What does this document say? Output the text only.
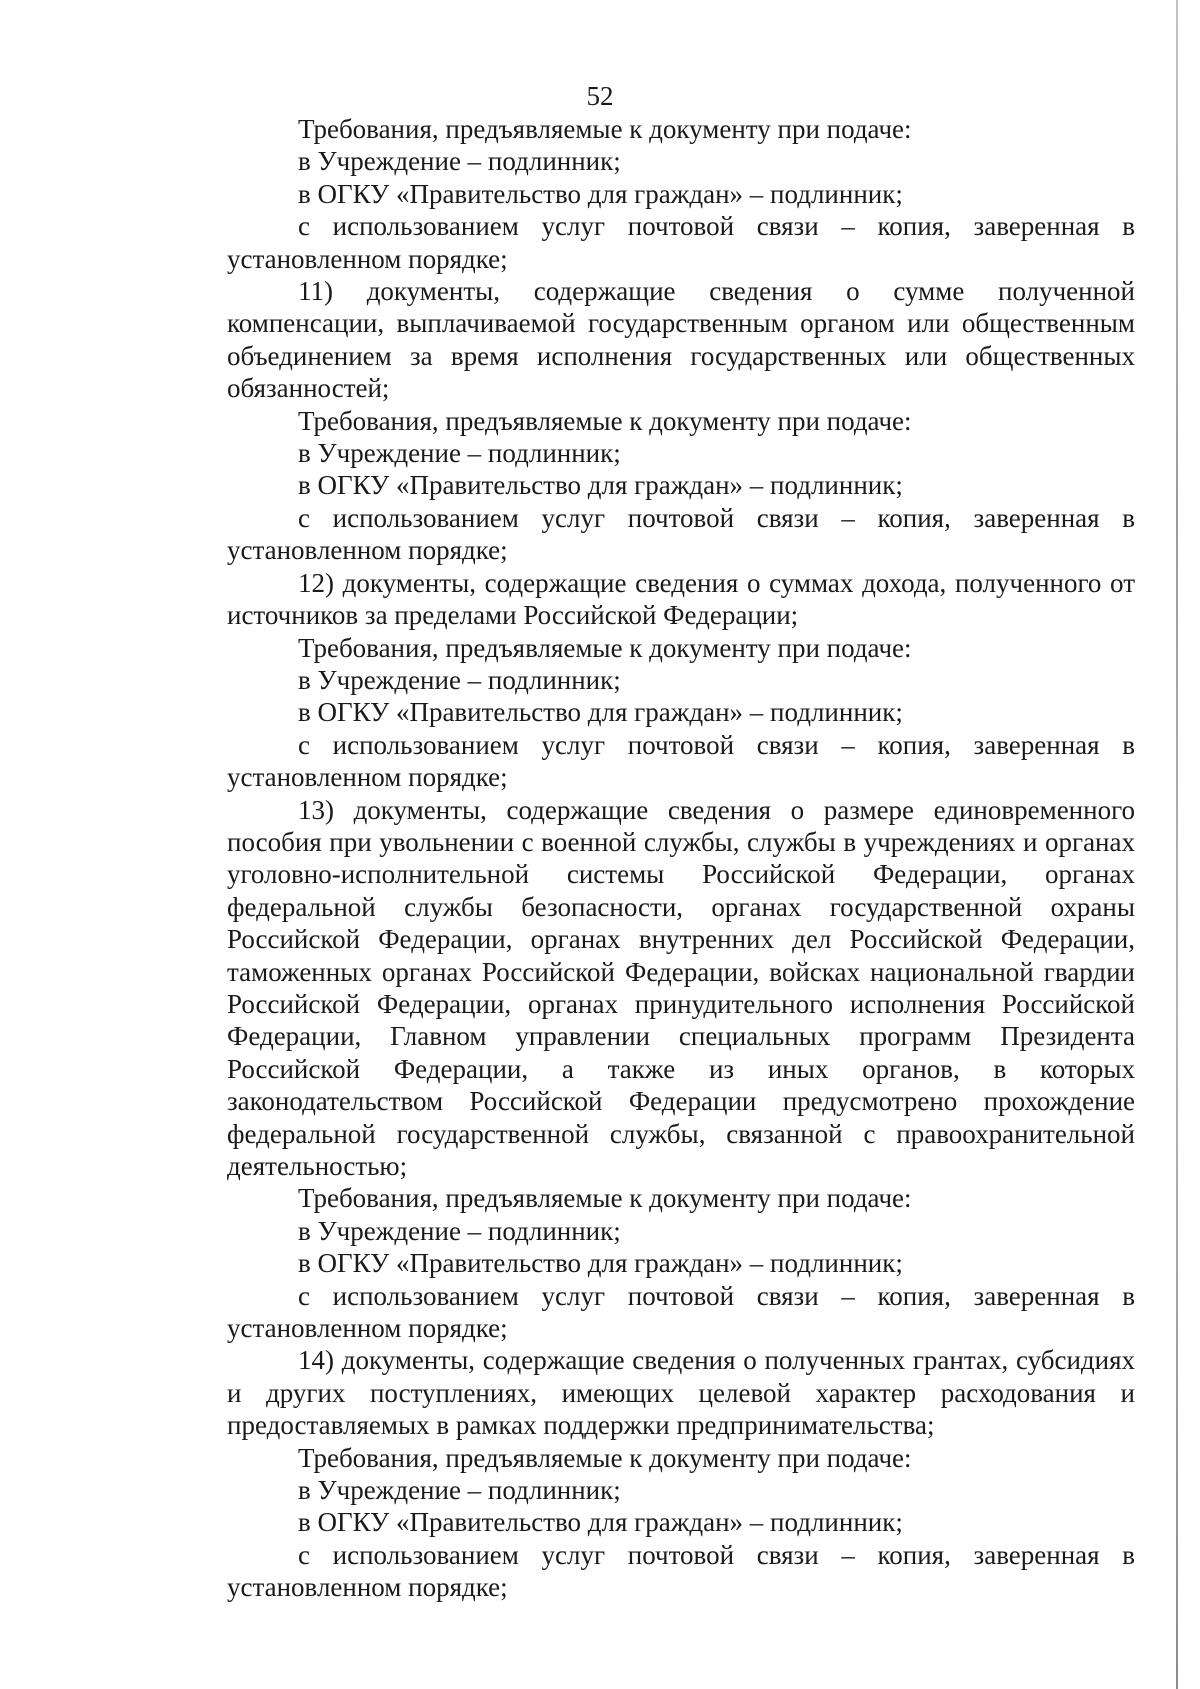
52

Требования, предъявляемые к документу при подаче:

в Учреждение – подлинник;

в ОГКУ «Правительство для граждан» – подлинник;

с использованием услуг почтовой связи – копия, заверенная в установленном порядке;

11) документы, содержащие сведения о сумме полученной компенсации, выплачиваемой государственным органом или общественным объединением за время исполнения государственных или общественных обязанностей;

Требования, предъявляемые к документу при подаче:

в Учреждение – подлинник;

в ОГКУ «Правительство для граждан» – подлинник;

с использованием услуг почтовой связи – копия, заверенная в установленном порядке;

12) документы, содержащие сведения о суммах дохода, полученного от источников за пределами Российской Федерации;

Требования, предъявляемые к документу при подаче:

в Учреждение – подлинник;

в ОГКУ «Правительство для граждан» – подлинник;

с использованием услуг почтовой связи – копия, заверенная в установленном порядке;

13) документы, содержащие сведения о размере единовременного пособия при увольнении с военной службы, службы в учреждениях и органах уголовно-исполнительной системы Российской Федерации, органах федеральной службы безопасности, органах государственной охраны Российской Федерации, органах внутренних дел Российской Федерации, таможенных органах Российской Федерации, войсках национальной гвардии Российской Федерации, органах принудительного исполнения Российской Федерации, Главном управлении специальных программ Президента Российской Федерации, а также из иных органов, в которых законодательством Российской Федерации предусмотрено прохождение федеральной государственной службы, связанной с правоохранительной деятельностью;

Требования, предъявляемые к документу при подаче:

в Учреждение – подлинник;

в ОГКУ «Правительство для граждан» – подлинник;

с использованием услуг почтовой связи – копия, заверенная в установленном порядке;

14) документы, содержащие сведения о полученных грантах, субсидиях и других поступлениях, имеющих целевой характер расходования и предоставляемых в рамках поддержки предпринимательства;

Требования, предъявляемые к документу при подаче:

в Учреждение – подлинник;

в ОГКУ «Правительство для граждан» – подлинник;

с использованием услуг почтовой связи – копия, заверенная в установленном порядке;
